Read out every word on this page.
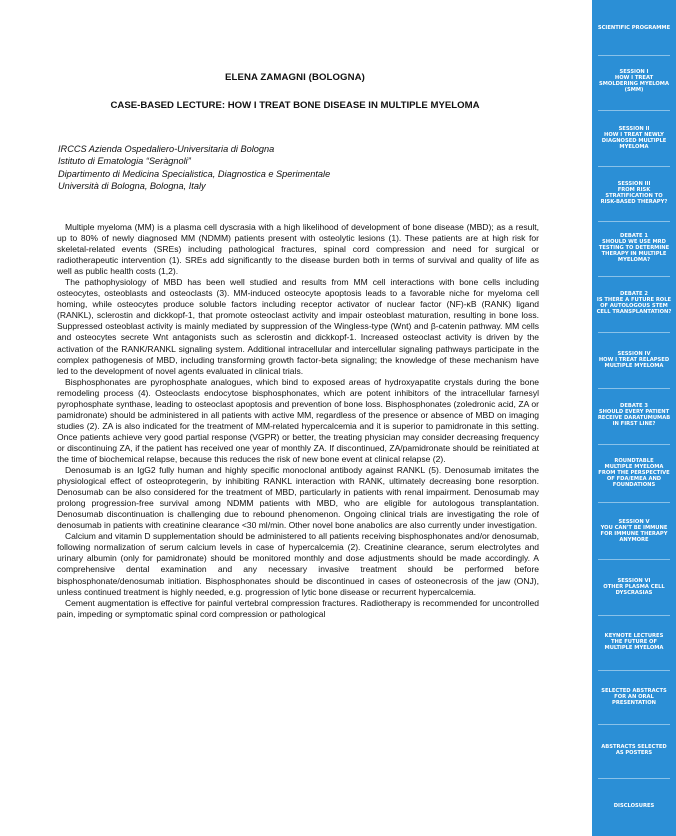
ELENA ZAMAGNI (BOLOGNA)
CASE-BASED LECTURE: HOW I TREAT BONE DISEASE IN MULTIPLE MYELOMA
IRCCS Azienda Ospedaliero-Universitaria di Bologna
Istituto di Ematologia “Seràgnoli”
Dipartimento di Medicina Specialistica, Diagnostica e Sperimentale
Università di Bologna, Bologna, Italy

Multiple myeloma (MM) is a plasma cell dyscrasia with a high likelihood of development of bone disease (MBD); as a result, up to 80% of newly diagnosed MM (NDMM) patients present with osteolytic lesions (1). These patients are at high risk for skeletal-related events (SREs) including pathological fractures, spinal cord compression and need for surgical or radiotherapeutic intervention (1). SREs add significantly to the disease burden both in terms of survival and quality of life as well as public health costs (1,2).

The pathophysiology of MBD has been well studied and results from MM cell interactions with bone cells including osteocytes, osteoblasts and osteoclasts (3). MM-induced osteocyte apoptosis leads to a favorable niche for myeloma cell homing, while osteocytes produce soluble factors including receptor activator of nuclear factor (NF)-κB (RANK) ligand (RANKL), sclerostin and dickkopf-1, that promote osteoclast activity and impair osteoblast maturation, resulting in bone loss. Suppressed osteoblast activity is mainly mediated by suppression of the Wingless-type (Wnt) and β-catenin pathway. MM cells and osteocytes secrete Wnt antagonists such as sclerostin and dickkopf-1. Increased osteoclast activity is driven by the activation of the RANK/RANKL signaling system. Additional intracellular and intercellular signaling pathways participate in the complex pathogenesis of MBD, including transforming growth factor-beta signaling; the knowledge of these mechanism have led to the development of novel agents evaluated in clinical trials.

Bisphosphonates are pyrophosphate analogues, which bind to exposed areas of hydroxyapatite crystals during the bone remodeling process (4). Osteoclasts endocytose bisphosphonates, which are potent inhibitors of the intracellular farnesyl pyrophosphate synthase, leading to osteoclast apoptosis and prevention of bone loss. Bisphosphonates (zoledronic acid, ZA or pamidronate) should be administered in all patients with active MM, regardless of the presence or absence of MBD on imaging studies (2). ZA is also indicated for the treatment of MM-related hypercalcemia and it is superior to pamidronate in this setting. Once patients achieve very good partial response (VGPR) or better, the treating physician may consider decreasing frequency or discontinuing ZA, if the patient has received one year of monthly ZA. If discontinued, ZA/pamidronate should be reinitiated at the time of biochemical relapse, because this reduces the risk of new bone event at clinical relapse (2).

Denosumab is an IgG2 fully human and highly specific monoclonal antibody against RANKL (5). Denosumab imitates the physiological effect of osteoprotegerin, by inhibiting RANKL interaction with RANK, ultimately decreasing bone resorption. Denosumab can be also considered for the treatment of MBD, particularly in patients with renal impairment. Denosumab may prolong progression-free survival among NDMM patients with MBD, who are eligible for autologous transplantation. Denosumab discontinuation is challenging due to rebound phenomenon. Ongoing clinical trials are investigating the role of denosumab in patients with creatinine clearance <30 ml/min. Other novel bone anabolics are also currently under investigation.

Calcium and vitamin D supplementation should be administered to all patients receiving bisphosphonates and/or denosumab, following normalization of serum calcium levels in case of hypercalcemia (2). Creatinine clearance, serum electrolytes and urinary albumin (only for pamidronate) should be monitored monthly and dose adjustments should be made accordingly. A comprehensive dental examination and any necessary invasive treatment should be performed before bisphosphonate/denosumab initiation. Bisphosphonates should be discontinued in cases of osteonecrosis of the jaw (ONJ), unless continued treatment is highly needed, e.g. progression of lytic bone disease or recurrent hypercalcemia.

Cement augmentation is effective for painful vertebral compression fractures. Radiotherapy is recommended for uncontrolled pain, impeding or symptomatic spinal cord compression or pathological

SCIENTIFIC PROGRAMME
SESSION I
HOW I TREAT
SMOLDERING MYELOMA
(SMM)
SESSION II
HOW I TREAT NEWLY
DIAGNOSED MULTIPLE
MYELOMA
SESSION III
FROM RISK
STRATIFICATION TO
RISK-BASED THERAPY?
DEBATE 1
SHOULD WE USE MRD
TESTING TO DETERMINE
THERAPY IN MULTIPLE
MYELOMA?
DEBATE 2
IS THERE A FUTURE ROLE
OF AUTOLOGOUS STEM
CELL TRANSPLANTATION?
SESSION IV
HOW I TREAT RELAPSED
MULTIPLE MYELOMA
DEBATE 3
SHOULD EVERY PATIENT
RECEIVE DARATUMUMAB
IN FIRST LINE?
ROUNDTABLE
MULTIPLE MYELOMA
FROM THE PERSPECTIVE
OF FDA/EMEA AND
FOUNDATIONS
SESSION V
YOU CAN'T BE IMMUNE
FOR IMMUNE THERAPY
ANYMORE
SESSION VI
OTHER PLASMA CELL
DYSCRASIAS
KEYNOTE LECTURES
THE FUTURE OF
MULTIPLE MYELOMA
SELECTED ABSTRACTS
FOR AN ORAL
PRESENTATION
ABSTRACTS SELECTED
AS POSTERS
DISCLOSURES
